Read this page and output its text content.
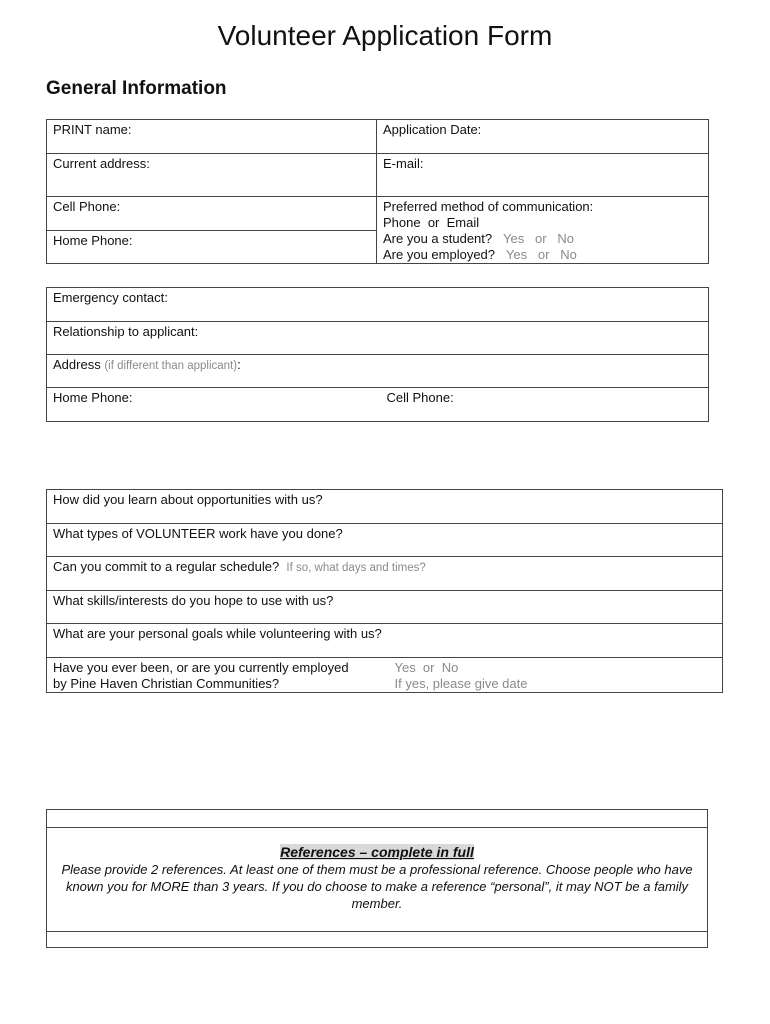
Volunteer Application Form
General Information
PRINT name:	Application Date:
Current address:	E-mail:
Cell Phone:	Preferred method of communication:
Phone  or  Email
Are you a student? Yes   or   No
Are you employed? Yes   or   No

Home Phone:	
Emergency contact:
Relationship to applicant:
Address (if different than applicant):
Home Phone:	Cell Phone:
How did you learn about opportunities with us?
What types of VOLUNTEER work have you done?
Can you commit to a regular schedule? If so, what days and times?
What skills/interests do you hope to use with us?
What are your personal goals while volunteering with us?

Have you ever been, or are you currently employed
by Pine Haven Christian Communities?

Yes  or  No
If yes, please give date

References – complete in full
Please provide 2 references. At least one of them must be a professional reference. Choose people who have known you for MORE than 3 years. If you do choose to make a reference “personal”, it may NOT be a family member.
